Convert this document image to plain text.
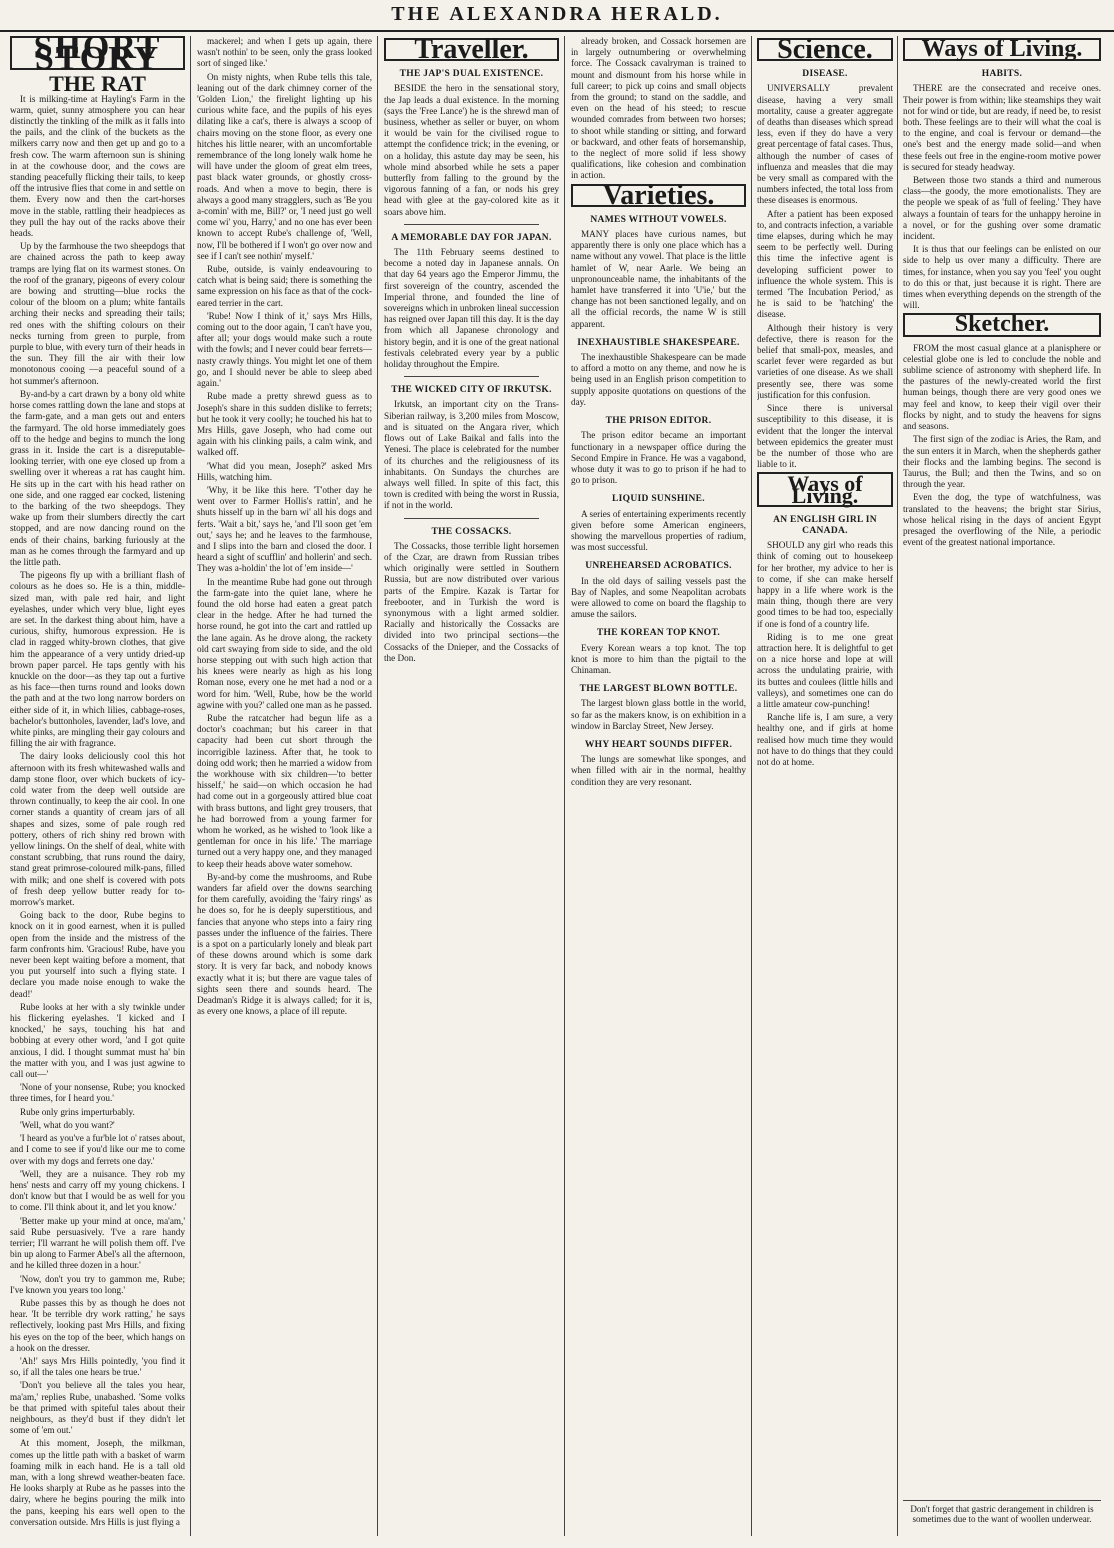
THE ALEXANDRA HERALD.
SHORT STORY
THE RAT

It is milking-time at Hayling's Farm in the warm, quiet, sunny atmosphere you can hear distinctly the tinkling of the milk as it falls into the pails, and the clink of the buckets as the milkers carry now and then get up and go to a fresh cow. The warm afternoon sun is shining in at the cowhouse door, and the cows are standing peacefully flicking their tails, to keep off the intrusive flies that come in and settle on them. Every now and then the cart-horses move in the stable, rattling their headpieces as they pull the hay out of the racks above their heads.

Up by the farmhouse the two sheepdogs that are chained across the path to keep away tramps are lying flat on its warmest stones. On the roof of the granary, pigeons of every colour are bowing and strutting—blue rocks the colour of the bloom on a plum; white fantails arching their necks and spreading their tails; red ones with the shifting colours on their necks turning from green to purple, from purple to blue, with every turn of their heads in the sun. They fill the air with their low monotonous cooing —a peaceful sound of a hot summer's afternoon.

By-and-by a cart drawn by a bony old white horse comes rattling down the lane and stops at the farm-gate, and a man gets out and enters the farmyard. The old horse immediately goes off to the hedge and begins to munch the long grass in it. Inside the cart is a disreputable-looking terrier, with one eye closed up from a swelling over it whereas a rat has caught him. He sits up in the cart with his head rather on one side, and one ragged ear cocked, listening to the barking of the two sheepdogs. They wake up from their slumbers directly the cart stopped, and are now dancing round on the ends of their chains, barking furiously at the man as he comes through the farmyard and up the little path.

The pigeons fly up with a brilliant flash of colours as he does so. He is a thin, middle-sized man, with pale red hair, and light eyelashes, under which very blue, light eyes are set. In the darkest thing about him, have a curious, shifty, humorous expression. He is clad in ragged whity-brown clothes, that give him the appearance of a very untidy dried-up brown paper parcel. He taps gently with his knuckle on the door—as they tap out a furtive as his face—then turns round and looks down the path and at the two long narrow borders on either side of it, in which lilies, cabbage-roses, bachelor's buttonholes, lavender, lad's love, and white pinks, are mingling their gay colours and filling the air with fragrance.

The dairy looks deliciously cool this hot afternoon with its fresh whitewashed walls and damp stone floor, over which buckets of icy-cold water from the deep well outside are thrown continually, to keep the air cool. In one corner stands a quantity of cream jars of all shapes and sizes, some of pale rough red pottery, others of rich shiny red brown with yellow linings. On the shelf of deal, white with constant scrubbing, that runs round the dairy, stand great primrose-coloured milk-pans, filled with milk; and one shelf is covered with pots of fresh deep yellow butter ready for to-morrow's market.

Going back to the door, Rube begins to knock on it in good earnest, when it is pulled open from the inside and the mistress of the farm confronts him. 'Gracious! Rube, have you never been kept waiting before a moment, that you put yourself into such a flying state. I declare you made noise enough to wake the dead!'

Rube looks at her with a sly twinkle under his flickering eyelashes. 'I kicked and I knocked,' he says, touching his hat and bobbing at every other word, 'and I got quite anxious, I did. I thought summat must ha' bin the matter with you, and I was just agwine to call out—'

'None of your nonsense, Rube; you knocked three times, for I heard you.'

Rube only grins imperturbably.

'Well, what do you want?'

'I heard as you've a fur'ble lot o' ratses about, and I come to see if you'd like our me to come over with my dogs and ferrets one day.'

'Well, they are a nuisance. They rob my hens' nests and carry off my young chickens. I don't know but that I would be as well for you to come. I'll think about it, and let you know.'

'Better make up your mind at once, ma'am,' said Rube persuasively. 'I've a rare handy terrier; I'll warrant he will polish them off. I've bin up along to Farmer Abel's all the afternoon, and he killed three dozen in a hour.'

'Now, don't you try to gammon me, Rube; I've known you years too long.'

Rube passes this by as though he does not hear. 'It be terrible dry work ratting,' he says reflectively, looking past Mrs Hills, and fixing his eyes on the top of the beer, which hangs on a hook on the dresser.

'Ah!' says Mrs Hills pointedly, 'you find it so, if all the tales one hears be true.'

'Don't you believe all the tales you hear, ma'am,' replies Rube, unabashed. 'Some volks be that primed with spiteful tales about their neighbours, as they'd bust if they didn't let some of 'em out.'

At this moment, Joseph, the milkman, comes up the little path with a basket of warm foaming milk in each hand. He is a tall old man, with a long shrewd weather-beaten face. He looks sharply at Rube as he passes into the dairy, where he begins pouring the milk into the pans, keeping his ears well open to the conversation outside. Mrs Hills is just flying a

mackerel; and when I gets up again, there wasn't nothin' to be seen, only the grass looked sort of singed like.'

On misty nights, when Rube tells this tale, leaning out of the dark chimney corner of the 'Golden Lion,' the firelight lighting up his curious white face, and the pupils of his eyes dilating like a cat's, there is always a scoop of chairs moving on the stone floor, as every one hitches his little nearer, with an uncomfortable remembrance of the long lonely walk home he will have under the gloom of great elm trees, past black water grounds, or ghostly cross-roads. And when a move to begin, there is always a good many stragglers, such as 'Be you a-comin' with me, Bill?' or, 'I need just go well come wi' you, Harry,' and no one has ever been known to accept Rube's challenge of, 'Well, now, I'll be bothered if I won't go over now and see if I can't see nothin' myself.'

Rube, outside, is vainly endeavouring to catch what is being said; there is something the same expression on his face as that of the cock-eared terrier in the cart.

'Rube! Now I think of it,' says Mrs Hills, coming out to the door again, 'I can't have you, after all; your dogs would make such a route with the fowls; and I never could bear ferrets—nasty crawly things. You might let one of them go, and I should never be able to sleep abed again.'

Rube made a pretty shrewd guess as to Joseph's share in this sudden dislike to ferrets; but he took it very coolly; he touched his hat to Mrs Hills, gave Joseph, who had come out again with his clinking pails, a calm wink, and walked off.

'What did you mean, Joseph?' asked Mrs Hills, watching him.

'Why, it be like this here. 'T'other day he went over to Farmer Hollis's rattin', and he shuts hisself up in the barn wi' all his dogs and ferts. 'Wait a bit,' says he, 'and I'll soon get 'em out,' says he; and he leaves to the farmhouse, and I slips into the barn and closed the door. I heard a sight of scufflin' and hollerin' and sech. They was a-holdin' the lot of 'em inside—'

In the meantime Rube had gone out through the farm-gate into the quiet lane, where he found the old horse had eaten a great patch clear in the hedge. After he had turned the horse round, he got into the cart and rattled up the lane again. As he drove along, the rackety old cart swaying from side to side, and the old horse stepping out with such high action that his knees were nearly as high as his long Roman nose, every one he met had a nod or a word for him. 'Well, Rube, how be the world agwine with you?' called one man as he passed.

Rube the ratcatcher had begun life as a doctor's coachman; but his career in that capacity had been cut short through the incorrigible laziness. After that, he took to doing odd work; then he married a widow from the workhouse with six children—'to better hisself,' he said—on which occasion he had had come out in a gorgeously attired blue coat with brass buttons, and light grey trousers, that he had borrowed from a young farmer for whom he worked, as he wished to 'look like a gentleman for once in his life.' The marriage turned out a very happy one, and they managed to keep their heads above water somehow.

By-and-by come the mushrooms, and Rube wanders far afield over the downs searching for them carefully, avoiding the 'fairy rings' as he does so, for he is deeply superstitious, and fancies that anyone who steps into a fairy ring passes under the influence of the fairies. There is a spot on a particularly lonely and bleak part of these downs around which is some dark story. It is very far back, and nobody knows exactly what it is; but there are vague tales of sights seen there and sounds heard. The Deadman's Ridge it is always called; for it is, as every one knows, a place of ill repute.

Traveller.
THE JAP'S DUAL EXISTENCE.

BESIDE the hero in the sensational story, the Jap leads a dual existence. In the morning (says the 'Free Lance') he is the shrewd man of business, whether as seller or buyer, on whom it would be vain for the civilised rogue to attempt the confidence trick; in the evening, or on a holiday, this astute day may be seen, his whole mind absorbed while he sets a paper butterfly from falling to the ground by the vigorous fanning of a fan, or nods his grey head with glee at the gay-colored kite as it soars above him.

A MEMORABLE DAY FOR JAPAN.

The 11th February seems destined to become a noted day in Japanese annals. On that day 64 years ago the Emperor Jimmu, the first sovereign of the country, ascended the Imperial throne, and founded the line of sovereigns which in unbroken lineal succession has reigned over Japan till this day. It is the day from which all Japanese chronology and history begin, and it is one of the great national festivals celebrated every year by a public holiday throughout the Empire.

THE WICKED CITY OF IRKUTSK.

Irkutsk, an important city on the Trans-Siberian railway, is 3,200 miles from Moscow, and is situated on the Angara river, which flows out of Lake Baikal and falls into the Yenesi. The place is celebrated for the number of its churches and the religiousness of its inhabitants. On Sundays the churches are always well filled. In spite of this fact, this town is credited with being the worst in Russia, if not in the world.

THE COSSACKS.

The Cossacks, those terrible light horsemen of the Czar, are drawn from Russian tribes which originally were settled in Southern Russia, but are now distributed over various parts of the Empire. Kazak is Tartar for freebooter, and in Turkish the word is synonymous with a light armed soldier. Racially and historically the Cossacks are divided into two principal sections—the Cossacks of the Dnieper, and the Cossacks of the Don.

already broken, and Cossack horsemen are in largely outnumbering or overwhelming force. The Cossack cavalryman is trained to mount and dismount from his horse while in full career; to pick up coins and small objects from the ground; to stand on the saddle, and even on the head of his steed; to rescue wounded comrades from between two horses; to shoot while standing or sitting, and forward or backward, and other feats of horsemanship, to the neglect of more solid if less showy qualifications, like cohesion and combination in action.

Varieties.
NAMES WITHOUT VOWELS.

MANY places have curious names, but apparently there is only one place which has a name without any vowel. That place is the little hamlet of W, near Aarle. We being an unpronounceable name, the inhabitants of the hamlet have transferred it into 'U'ie,' but the change has not been sanctioned legally, and on all the official records, the name W is still apparent.

INEXHAUSTIBLE SHAKESPEARE.

The inexhaustible Shakespeare can be made to afford a motto on any theme, and now he is being used in an English prison competition to supply apposite quotations on questions of the day.

THE PRISON EDITOR.

The prison editor became an important functionary in a newspaper office during the Second Empire in France. He was a vagabond, whose duty it was to go to prison if he had to go to prison.

LIQUID SUNSHINE.

A series of entertaining experiments recently given before some American engineers, showing the marvellous properties of radium, was most successful.

UNREHEARSED ACROBATICS.

In the old days of sailing vessels past the Bay of Naples, and some Neapolitan acrobats were allowed to come on board the flagship to amuse the sailors.

THE KOREAN TOP KNOT.

Every Korean wears a top knot. The top knot is more to him than the pigtail to the Chinaman.

THE LARGEST BLOWN BOTTLE.

The largest blown glass bottle in the world, so far as the makers know, is on exhibition in a window in Barclay Street, New Jersey.

WHY HEART SOUNDS DIFFER.

The lungs are somewhat like sponges, and when filled with air in the normal, healthy condition they are very resonant.

Science.
DISEASE.

UNIVERSALLY prevalent disease, having a very small mortality, cause a greater aggregate of deaths than diseases which spread less, even if they do have a very great percentage of fatal cases. Thus, although the number of cases of influenza and measles that die may be very small as compared with the numbers infected, the total loss from these diseases is enormous.

After a patient has been exposed to, and contracts infection, a variable time elapses, during which he may seem to be perfectly well. During this time the infective agent is developing sufficient power to influence the whole system. This is termed 'The Incubation Period,' as he is said to be 'hatching' the disease.

Although their history is very defective, there is reason for the belief that small-pox, measles, and scarlet fever were regarded as but varieties of one disease. As we shall presently see, there was some justification for this confusion.

Since there is universal susceptibility to this disease, it is evident that the longer the interval between epidemics the greater must be the number of those who are liable to it.

Ways of Living.
AN ENGLISH GIRL IN CANADA.

SHOULD any girl who reads this think of coming out to housekeep for her brother, my advice to her is to come, if she can make herself happy in a life where work is the main thing, though there are very good times to be had too, especially if one is fond of a country life.

Riding is to me one great attraction here. It is delightful to get on a nice horse and lope at will across the undulating prairie, with its buttes and coulees (little hills and valleys), and sometimes one can do a little amateur cow-punching!

Ranche life is, I am sure, a very healthy one, and if girls at home realised how much time they would not have to do things that they could not do at home.

Ways of Living.
HABITS.

THERE are the consecrated and receive ones. Their power is from within; like steamships they wait not for wind or tide, but are ready, if need be, to resist both. These feelings are to their will what the coal is to the engine, and coal is fervour or demand—the one's best and the energy made solid—and when these feels out free in the engine-room motive power is secured for steady headway.

Between those two stands a third and numerous class—the goody, the more emotionalists. They are the people we speak of as 'full of feeling.' They have always a fountain of tears for the unhappy heroine in a novel, or for the gushing over some dramatic incident.

It is thus that our feelings can be enlisted on our side to help us over many a difficulty. There are times, for instance, when you say you 'feel' you ought to do this or that, just because it is right. There are times when everything depends on the strength of the will.

Sketcher.

FROM the most casual glance at a planisphere or celestial globe one is led to conclude the noble and sublime science of astronomy with shepherd life. In the pastures of the newly-created world the first human beings, though there are very good ones we may feel and know, to keep their vigil over their flocks by night, and to study the heavens for signs and seasons.

The first sign of the zodiac is Aries, the Ram, and the sun enters it in March, when the shepherds gather their flocks and the lambing begins. The second is Taurus, the Bull; and then the Twins, and so on through the year.

Even the dog, the type of watchfulness, was translated to the heavens; the bright star Sirius, whose helical rising in the days of ancient Egypt presaged the overflowing of the Nile, a periodic event of the greatest national importance.

Don't forget that gastric derangement in children is sometimes due to the want of woollen underwear.
